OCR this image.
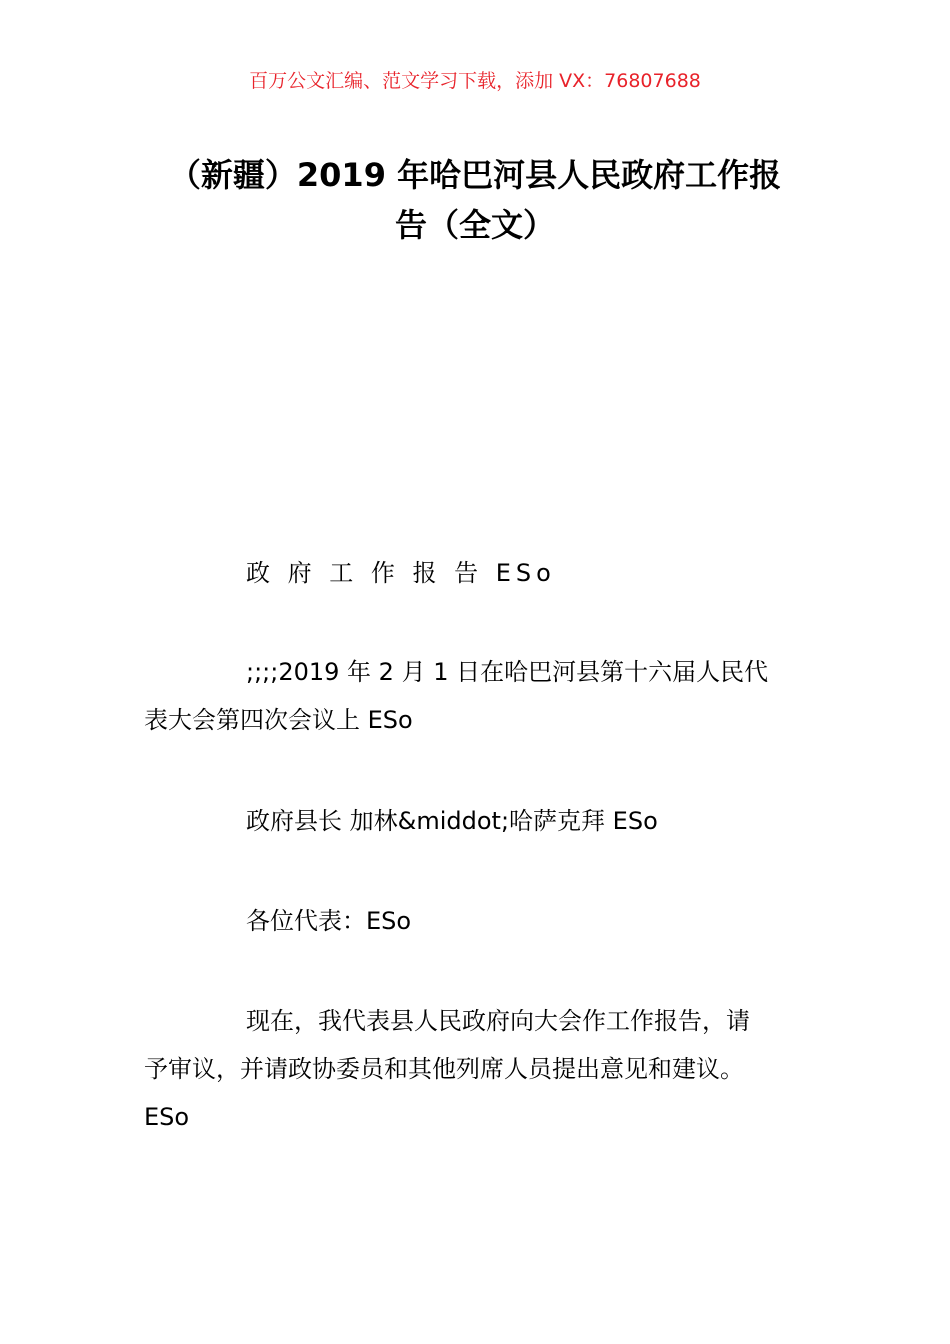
百万公文汇编、范文学习下载，添加 VX：76807688
（新疆）2019 年哈巴河县人民政府工作报
告（全文）

政 府 工 作 报 告 ESo

;;;;2019 年 2 月 1 日在哈巴河县第十六届人民代
表大会第四次会议上 ESo

政府县长 加林&middot;哈萨克拜 ESo

各位代表：ESo

现在，我代表县人民政府向大会作工作报告，请
予审议，并请政协委员和其他列席人员提出意见和建议。
ESo
